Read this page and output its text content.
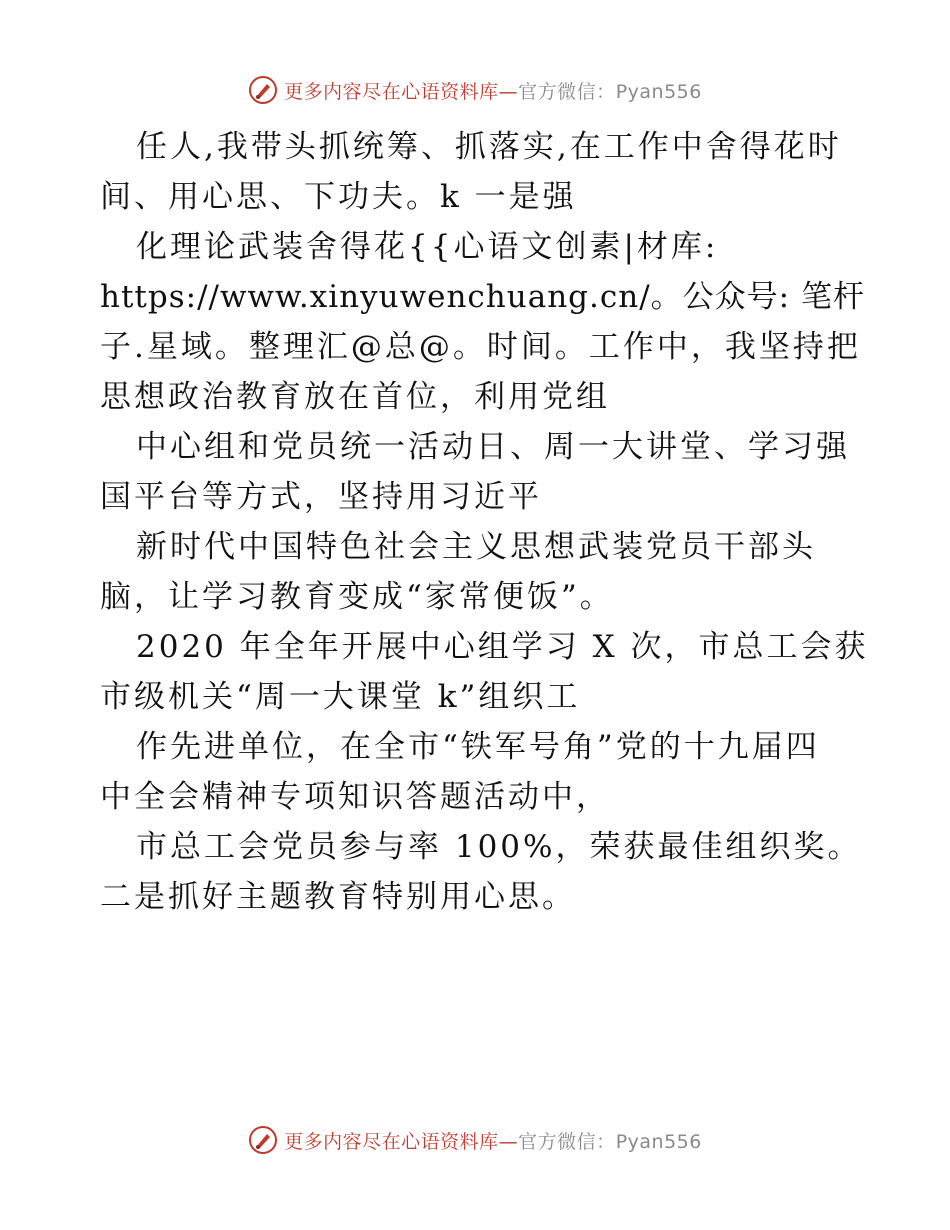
更多内容尽在心语资料库—官方微信：Pyan556
任人,我带头抓统筹、抓落实,在工作中舍得花时
间、用心思、下功夫。k 一是强
化理论武装舍得花{{心语文创素|材库:
https://www.xinyuwenchuang.cn/。公众号: 笔杆
子.星域。整理汇@总@。时间。工作中，我坚持把
思想政治教育放在首位，利用党组
中心组和党员统一活动日、周一大讲堂、学习强
国平台等方式，坚持用习近平
新时代中国特色社会主义思想武装党员干部头
脑，让学习教育变成“家常便饭”。
2020 年全年开展中心组学习 X 次，市总工会获
市级机关“周一大课堂 k”组织工
作先进单位，在全市“铁军号角”党的十九届四
中全会精神专项知识答题活动中，
市总工会党员参与率 100%，荣获最佳组织奖。
二是抓好主题教育特别用心思。
更多内容尽在心语资料库—官方微信：Pyan556
